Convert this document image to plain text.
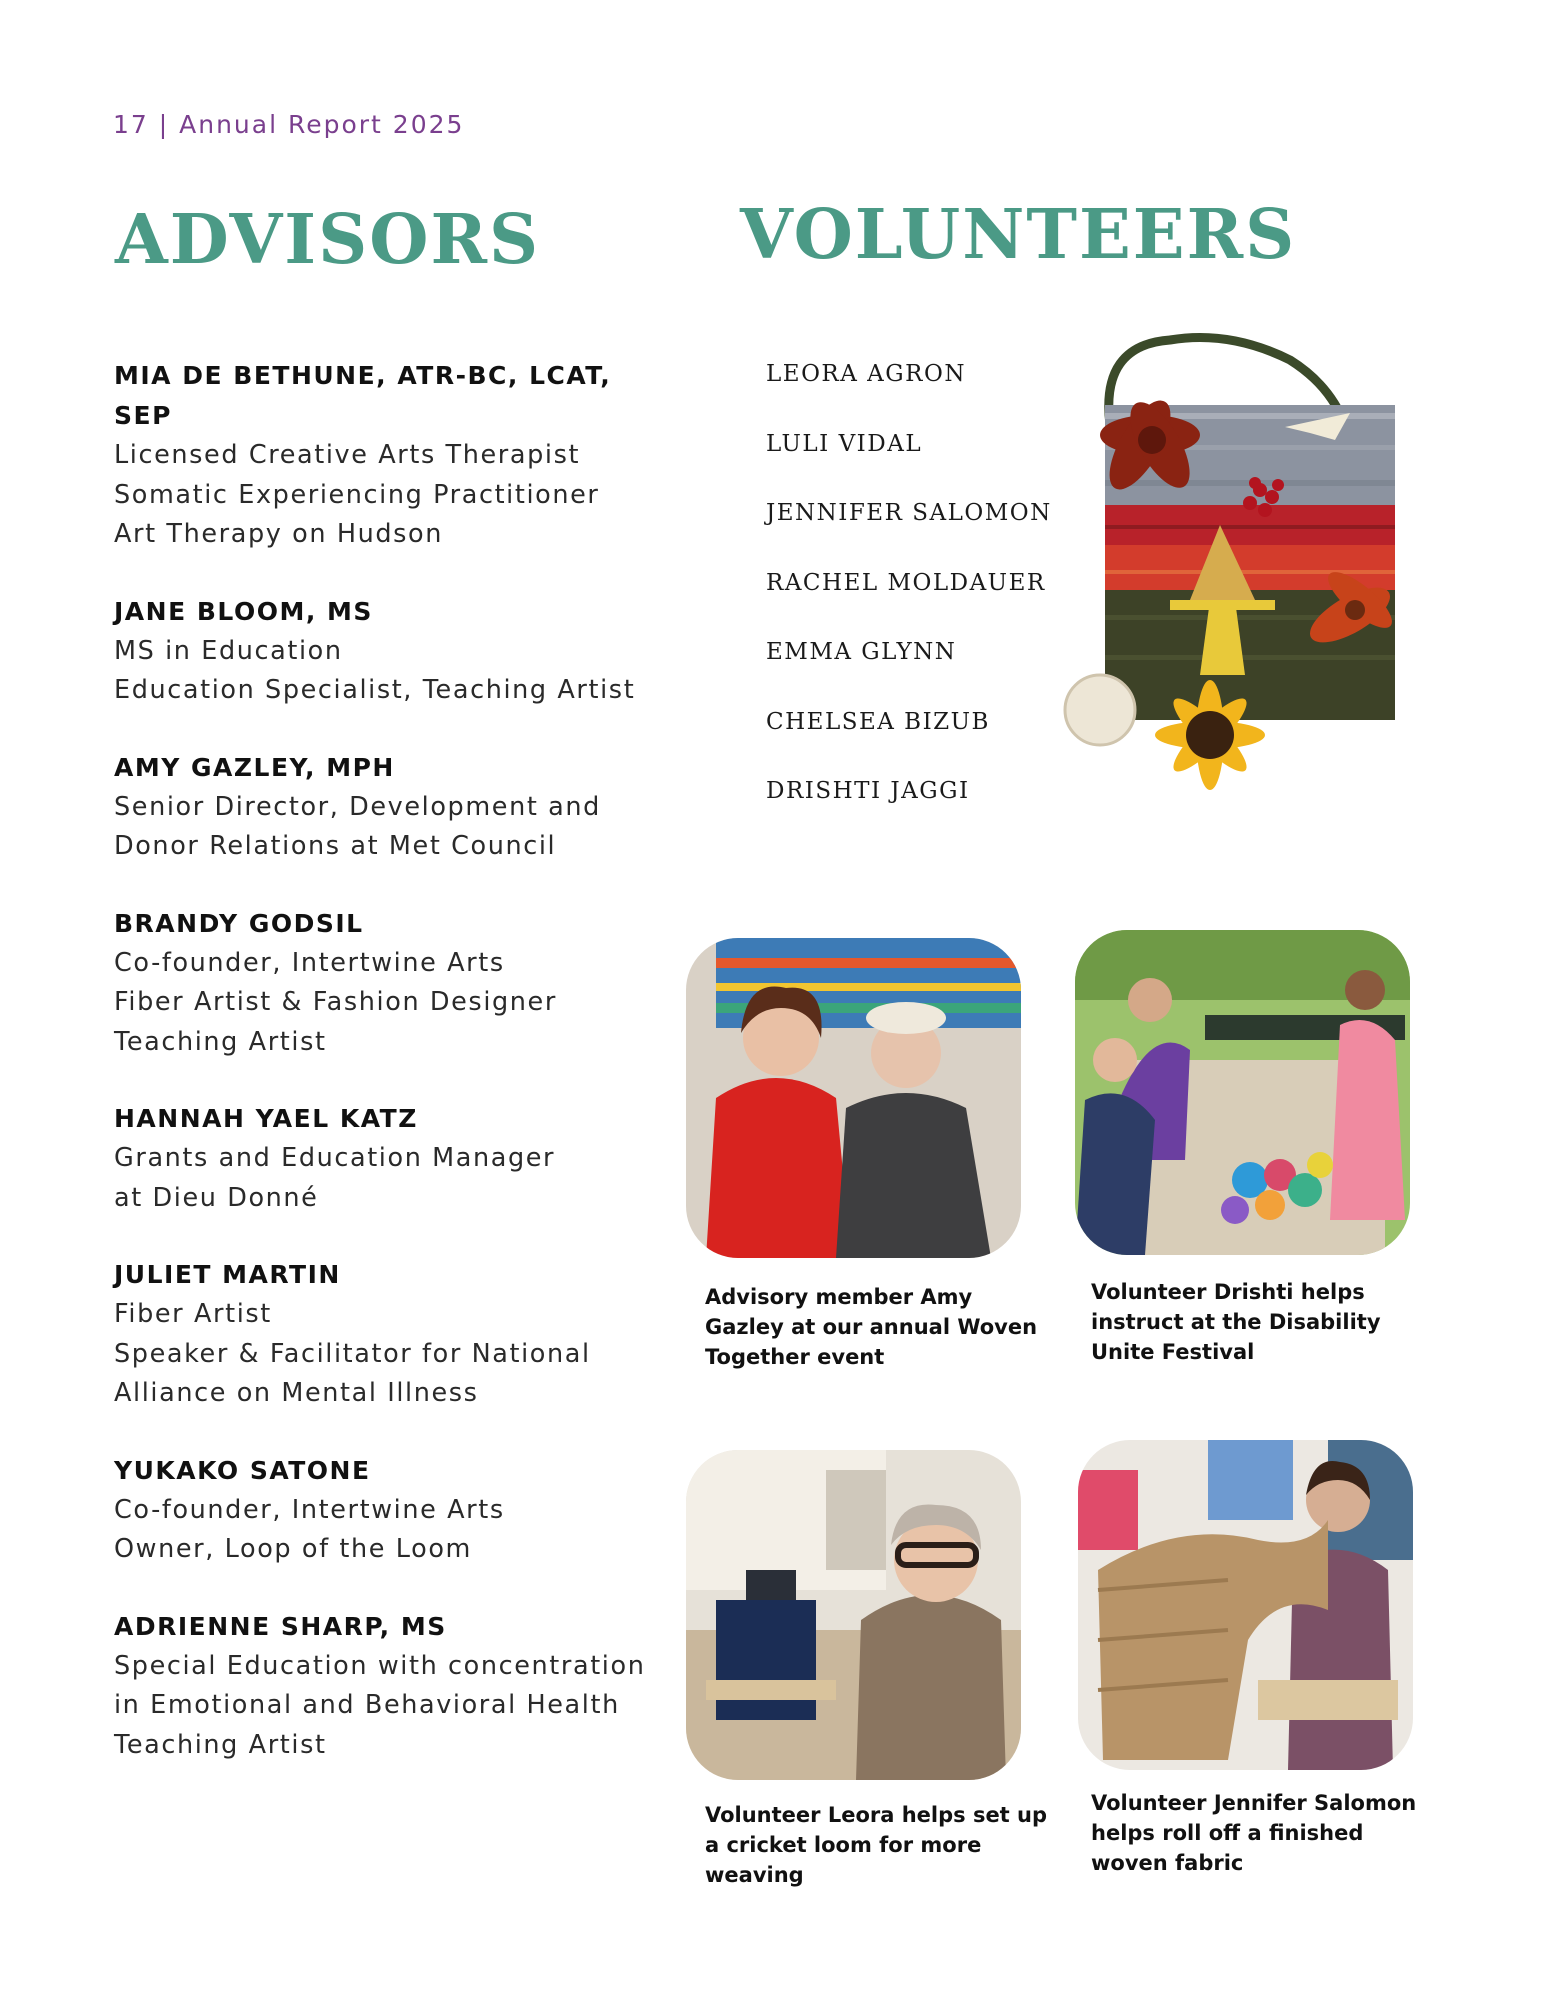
17 | Annual Report 2025
ADVISORS	VOLUNTEERS
MIA DE BETHUNE, ATR-BC, LCAT, SEP
Licensed Creative Arts Therapist
Somatic Experiencing Practitioner
Art Therapy on Hudson
JANE BLOOM, MS
MS in Education
Education Specialist, Teaching Artist
AMY GAZLEY, MPH
Senior Director, Development and
Donor Relations at Met Council
BRANDY GODSIL
Co-founder, Intertwine Arts
Fiber Artist & Fashion Designer
Teaching Artist
HANNAH YAEL KATZ
Grants and Education Manager
at Dieu Donné
JULIET MARTIN
Fiber Artist
Speaker & Facilitator for National
Alliance on Mental Illness
YUKAKO SATONE
Co-founder, Intertwine Arts
Owner, Loop of the Loom
ADRIENNE SHARP, MS
Special Education with concentration
in Emotional and Behavioral Health
Teaching Artist
LEORA AGRON
LULI VIDAL
JENNIFER SALOMON
RACHEL MOLDAUER
EMMA GLYNN
CHELSEA BIZUB
DRISHTI JAGGI
Advisory member Amy Gazley at our annual Woven Together event
Volunteer Drishti helps instruct at the Disability Unite Festival
Volunteer Leora helps set up a cricket loom for more weaving
Volunteer Jennifer Salomon helps roll off a finished woven fabric
